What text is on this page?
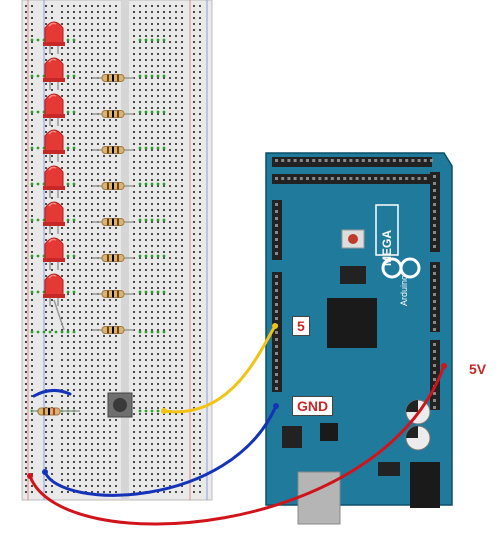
Arduino
MEGA
5
GND
5V
